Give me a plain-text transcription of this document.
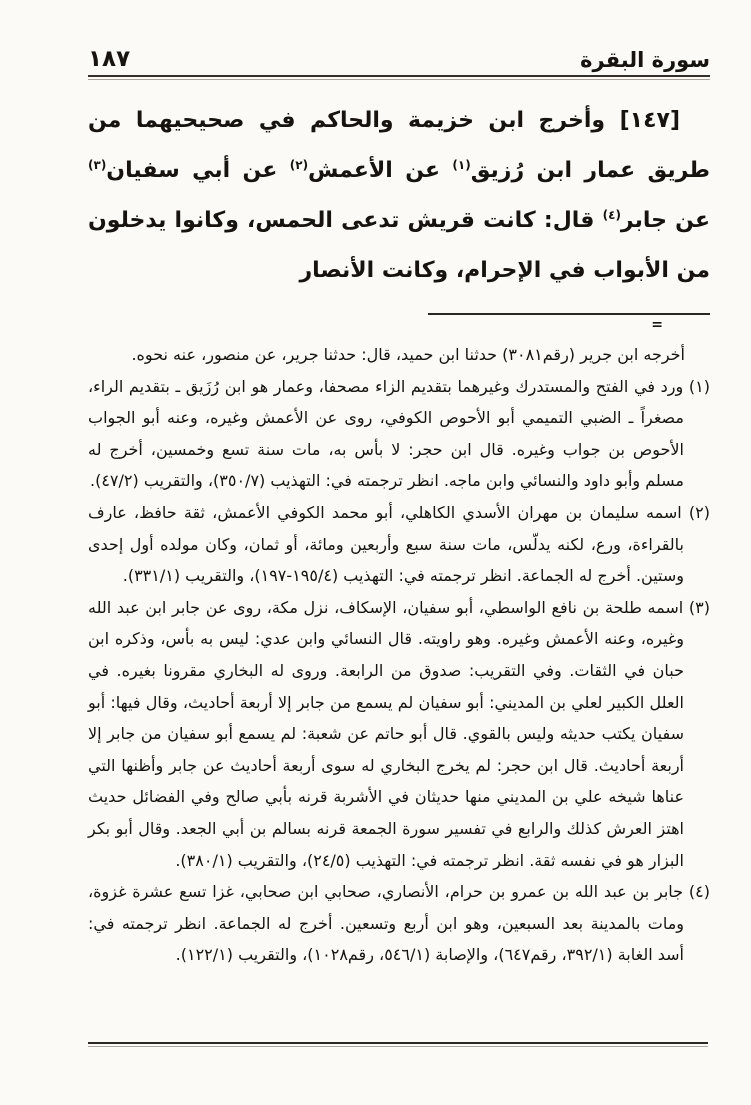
سورة البقرة
١٨٧

[١٤٧] وأخرج ابن خزيمة والحاكم في صحيحيهما من طريق عمار ابن رُزيق$^{(١)}$ عن الأعمش$^{(٢)}$ عن أبي سفيان$^{(٣)}$ عن جابر$^{(٤)}$ قال: كانت قريش تدعى الحمس، وكانوا يدخلون من الأبواب في الإحرام، وكانت الأنصار

=

أخرجه ابن جرير (رقم٣٠٨١) حدثنا ابن حميد، قال: حدثنا جرير، عن منصور، عنه نحوه.

(١) ورد في الفتح والمستدرك وغيرهما بتقديم الزاء مصحفا، وعمار هو ابن رُزَيق ـ بتقديم الراء، مصغراً ـ الضبي التميمي أبو الأحوص الكوفي، روى عن الأعمش وغيره، وعنه أبو الجواب الأحوص بن جواب وغيره. قال ابن حجر: لا بأس به، مات سنة تسع وخمسين، أخرج له مسلم وأبو داود والنسائي وابن ماجه. انظر ترجمته في: التهذيب (٣٥٠/٧)، والتقريب (٤٧/٢).

(٢) اسمه سليمان بن مهران الأسدي الكاهلي، أبو محمد الكوفي الأعمش، ثقة حافظ، عارف بالقراءة، ورع، لكنه يدلّس، مات سنة سبع وأربعين ومائة، أو ثمان، وكان مولده أول إحدى وستين. أخرج له الجماعة. انظر ترجمته في: التهذيب (١٩٥/٤-١٩٧)، والتقريب (٣٣١/١).

(٣) اسمه طلحة بن نافع الواسطي، أبو سفيان، الإسكاف، نزل مكة، روى عن جابر ابن عبد الله وغيره، وعنه الأعمش وغيره. وهو راويته. قال النسائي وابن عدي: ليس به بأس، وذكره ابن حبان في الثقات. وفي التقريب: صدوق من الرابعة. وروى له البخاري مقرونا بغيره. في العلل الكبير لعلي بن المديني: أبو سفيان لم يسمع من جابر إلا أربعة أحاديث، وقال فيها: أبو سفيان يكتب حديثه وليس بالقوي. قال أبو حاتم عن شعبة: لم يسمع أبو سفيان من جابر إلا أربعة أحاديث. قال ابن حجر: لم يخرج البخاري له سوى أربعة أحاديث عن جابر وأظنها التي عناها شيخه علي بن المديني منها حديثان في الأشربة قرنه بأبي صالح وفي الفضائل حديث اهتز العرش كذلك والرابع في تفسير سورة الجمعة قرنه بسالم بن أبي الجعد. وقال أبو بكر البزار هو في نفسه ثقة. انظر ترجمته في: التهذيب (٢٤/٥)، والتقريب (٣٨٠/١).

(٤) جابر بن عبد الله بن عمرو بن حرام، الأنصاري، صحابي ابن صحابي، غزا تسع عشرة غزوة، ومات بالمدينة بعد السبعين، وهو ابن أربع وتسعين. أخرج له الجماعة. انظر ترجمته في: أسد الغابة (٣٩٢/١، رقم٦٤٧)، والإصابة (٥٤٦/١، رقم١٠٢٨)، والتقريب (١٢٢/١).
